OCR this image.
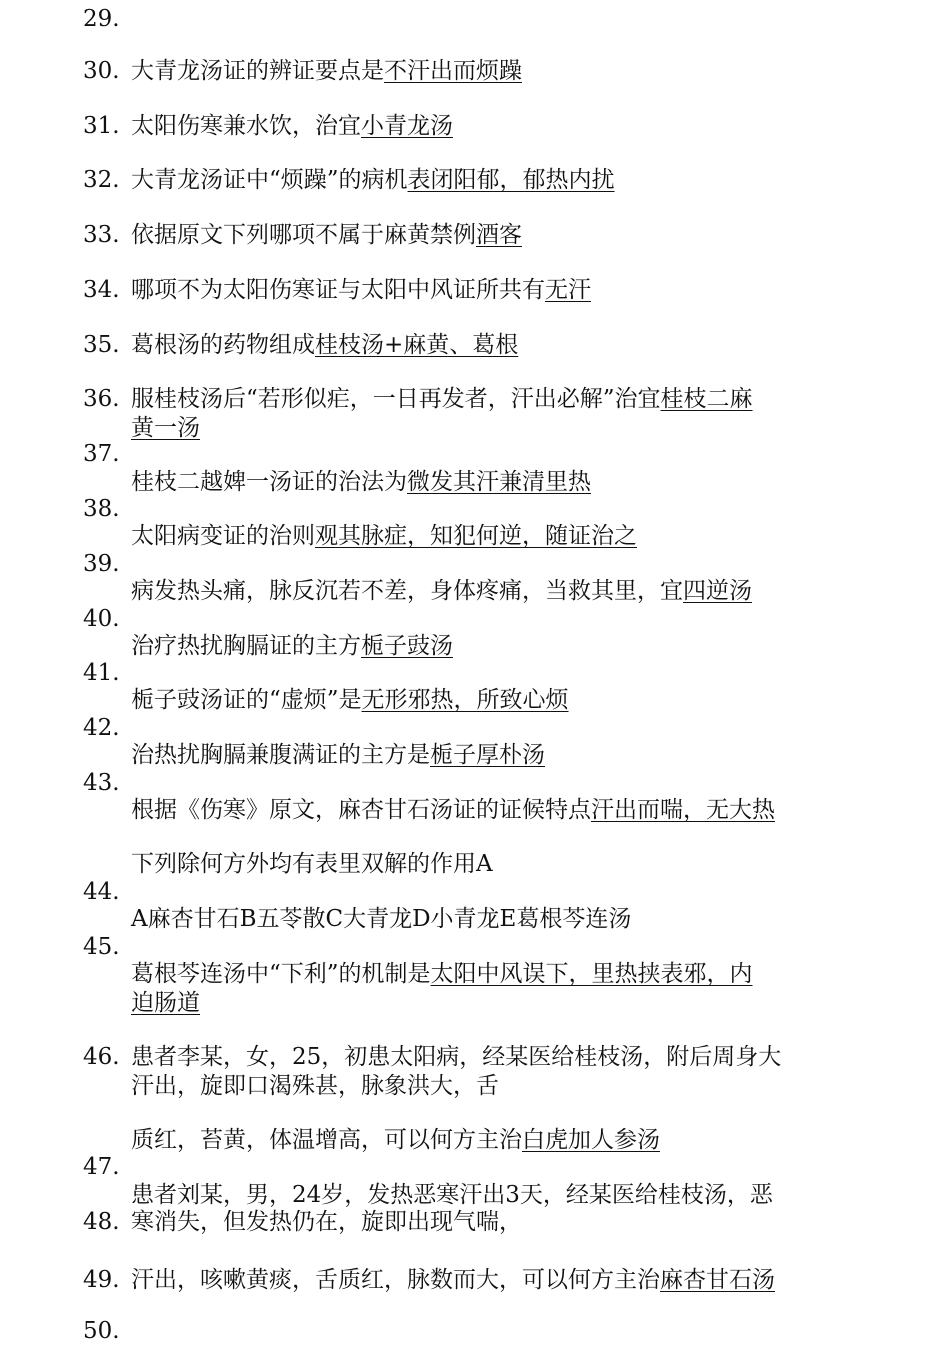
29.
30.
31.
32.
33.
34.
35.
36.
37.
38.
39.
40.
41.
42.
43.
44.
45.
46.
47.
48.
49.
50.
大青龙汤证的辨证要点是不汗出而烦躁
太阳伤寒兼水饮，治宜小青龙汤
大青龙汤证中“烦躁”的病机表闭阳郁，郁热内扰
依据原文下列哪项不属于麻黄禁例酒客
哪项不为太阳伤寒证与太阳中风证所共有无汗
葛根汤的药物组成桂枝汤+麻黄、葛根
服桂枝汤后“若形似疟，一日再发者，汗出必解”治宜桂枝二麻
黄一汤
桂枝二越婢一汤证的治法为微发其汗兼清里热
太阳病变证的治则观其脉症，知犯何逆，随证治之
病发热头痛，脉反沉若不差，身体疼痛，当救其里，宜四逆汤
治疗热扰胸膈证的主方栀子豉汤
栀子豉汤证的“虚烦”是无形邪热，所致心烦
治热扰胸膈兼腹满证的主方是栀子厚朴汤
根据《伤寒》原文，麻杏甘石汤证的证候特点汗出而喘，无大热
下列除何方外均有表里双解的作用A
A麻杏甘石B五苓散C大青龙D小青龙E葛根芩连汤
葛根芩连汤中“下利”的机制是太阳中风误下，里热挟表邪，内
迫肠道
患者李某，女，25，初患太阳病，经某医给桂枝汤，附后周身大
汗出，旋即口渴殊甚，脉象洪大，舌
质红，苔黄，体温增高，可以何方主治白虎加人参汤
患者刘某，男，24岁，发热恶寒汗出3天，经某医给桂枝汤，恶
寒消失，但发热仍在，旋即出现气喘，
汗出，咳嗽黄痰，舌质红，脉数而大，可以何方主治麻杏甘石汤
